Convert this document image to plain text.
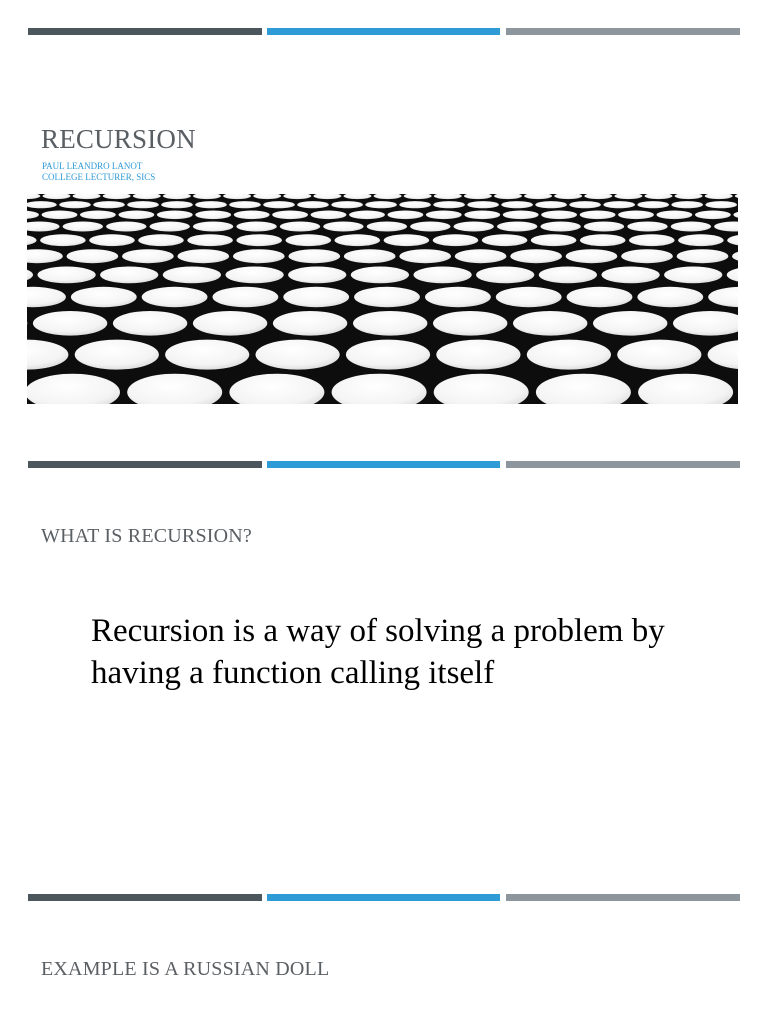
RECURSION
PAUL LEANDRO LANOT
COLLEGE LECTURER, SICS
WHAT IS RECURSION?
Recursion is a way of solving a problem by having a function calling itself
EXAMPLE IS A RUSSIAN DOLL
